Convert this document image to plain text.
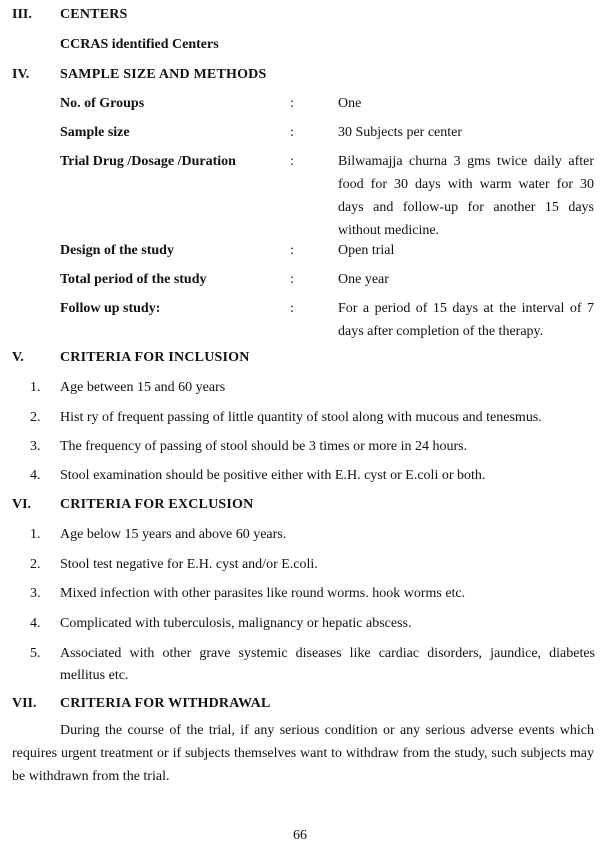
III. CENTERS
CCRAS identified Centers
IV. SAMPLE SIZE AND METHODS
No. of Groups	:	One
Sample size	:	30 Subjects per center
Trial Drug /Dosage /Duration	:	Bilwamajja churna 3 gms twice daily after food for 30 days with warm water for 30 days and follow-up for another 15 days without medicine.
Design of the study	:	Open trial
Total period of the study	:	One year
Follow up study:	:	For a period of 15 days at the interval of 7 days after completion of the therapy.
V.	CRITERIA FOR INCLUSION
1. Age between 15 and 60 years
2. Hist ry of frequent passing of little quantity of stool along with mucous and tenesmus.
3. The frequency of passing of stool should be 3 times or more in 24 hours.
4. Stool examination should be positive either with E.H. cyst or E.coli or both.
VI. CRITERIA FOR EXCLUSION
1. Age below 15 years and above 60 years.
2. Stool test negative for E.H. cyst and/or E.coli.
3. Mixed infection with other parasites like round worms. hook worms etc.
4. Complicated with tuberculosis, malignancy or hepatic abscess.
5. Associated with other grave systemic diseases like cardiac disorders, jaundice, diabetes mellitus etc.
VII. CRITERIA FOR WITHDRAWAL
During the course of the trial, if any serious condition or any serious adverse events which requires urgent treatment or if subjects themselves want to withdraw from the study, such subjects may be withdrawn from the trial.
66
